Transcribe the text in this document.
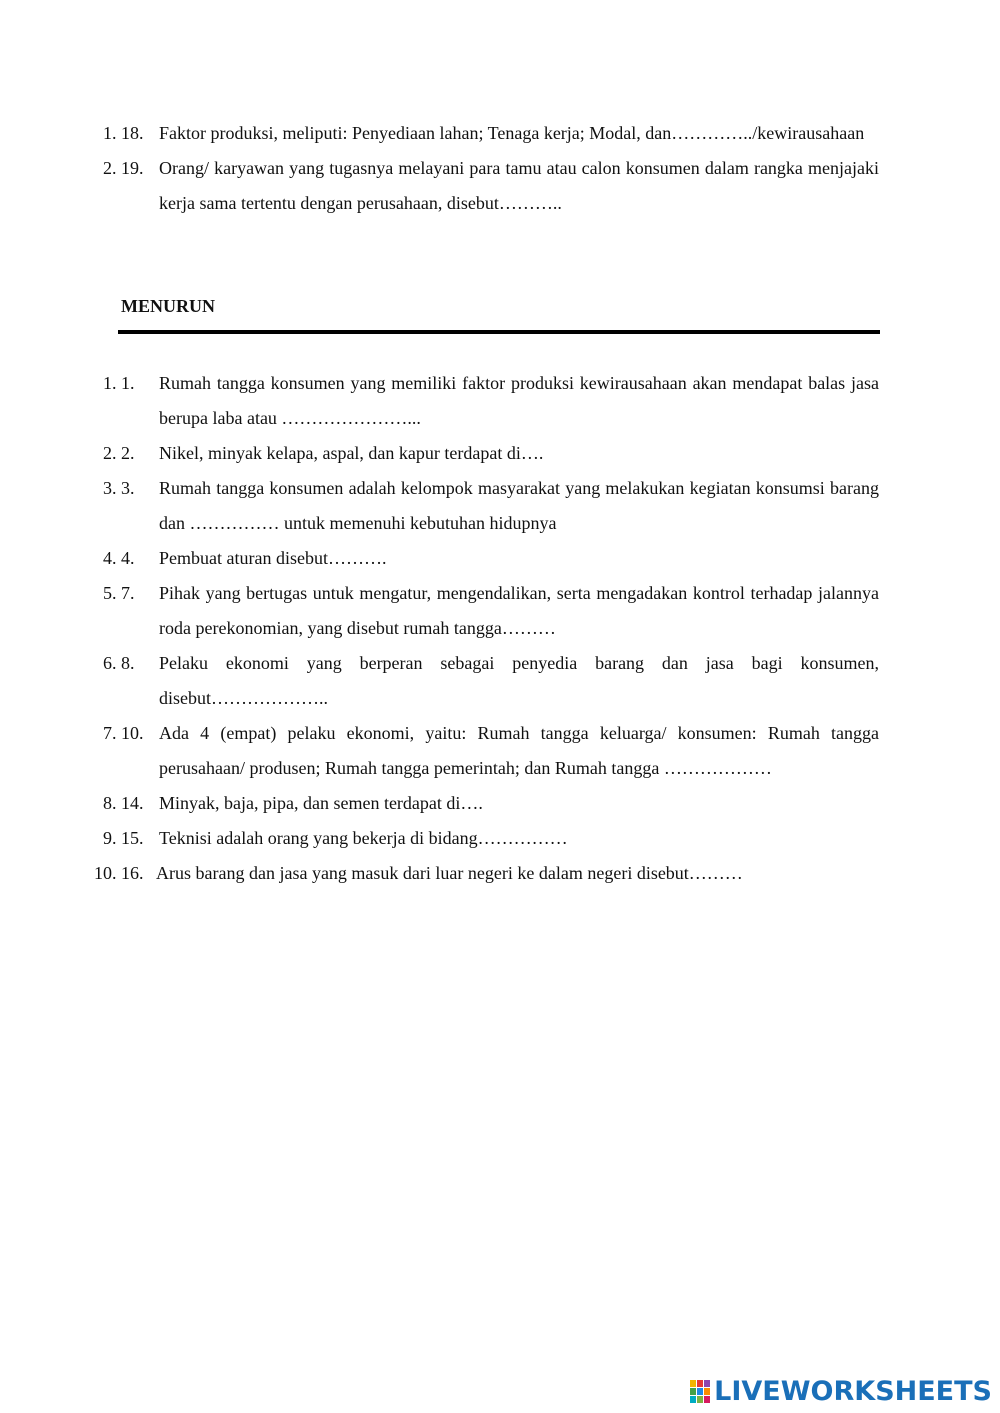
1. 18. Faktor produksi, meliputi: Penyediaan lahan; Tenaga kerja; Modal, dan…………../kewirausahaan
2. 19. Orang/ karyawan yang tugasnya melayani para tamu atau calon konsumen dalam rangka menjajaki kerja sama tertentu dengan perusahaan, disebut………..
MENURUN
1. 1. Rumah tangga konsumen yang memiliki faktor produksi kewirausahaan akan mendapat balas jasa berupa laba atau …………………...
2. 2. Nikel, minyak kelapa, aspal, dan kapur terdapat di….
3. 3. Rumah tangga konsumen adalah kelompok masyarakat yang melakukan kegiatan konsumsi barang dan …………… untuk memenuhi kebutuhan hidupnya
4. 4. Pembuat aturan disebut……….
5. 7. Pihak yang bertugas untuk mengatur, mengendalikan, serta mengadakan kontrol terhadap jalannya roda perekonomian, yang disebut rumah tangga………
6. 8. Pelaku ekonomi yang berperan sebagai penyedia barang dan jasa bagi konsumen, disebut………………..
7. 10. Ada 4 (empat) pelaku ekonomi, yaitu: Rumah tangga keluarga/ konsumen: Rumah tangga perusahaan/ produsen; Rumah tangga pemerintah; dan Rumah tangga ………………
8. 14. Minyak, baja, pipa, dan semen terdapat di….
9. 15. Teknisi adalah orang yang bekerja di bidang……………
10. 16. Arus barang dan jasa yang masuk dari luar negeri ke dalam negeri disebut………
LIVEWORKSHEETS
